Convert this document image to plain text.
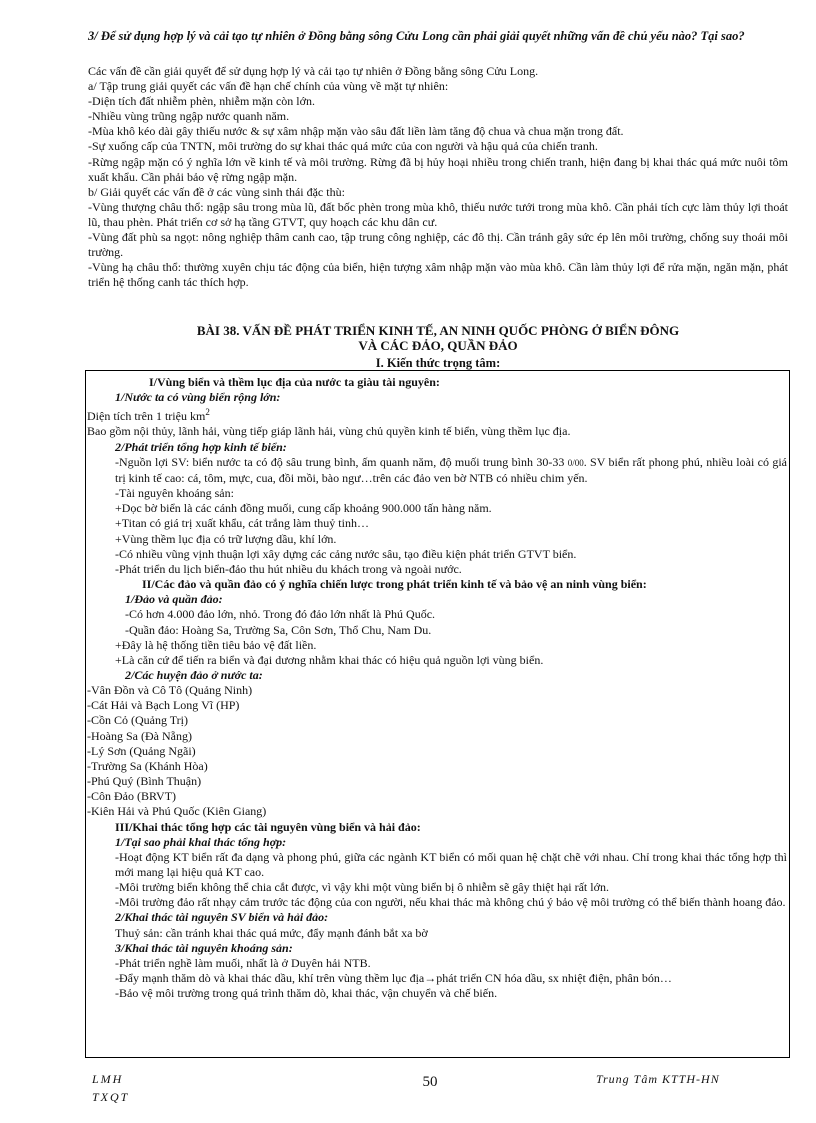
3/ Để sử dụng hợp lý và cải tạo tự nhiên ở Đồng bằng sông Cửu Long cần phải giải quyết những vấn đề chủ yếu nào? Tại sao?
Các vấn đề cần giải quyết để sử dụng hợp lý và cải tạo tự nhiên ở Đồng bằng sông Cửu Long.
a/ Tập trung giải quyết các vấn đề hạn chế chính của vùng về mặt tự nhiên:
-Diện tích đất nhiễm phèn, nhiễm mặn còn lớn.
-Nhiều vùng trũng ngập nước quanh năm.
-Mùa khô kéo dài gây thiếu nước & sự xâm nhập mặn vào sâu đất liền làm tăng độ chua và chua mặn trong đất.
-Sự xuống cấp của TNTN, môi trường do sự khai thác quá mức của con người và hậu quả của chiến tranh.
-Rừng ngập mặn có ý nghĩa lớn về kinh tế và môi trường. Rừng đã bị hủy hoại nhiều trong chiến tranh, hiện đang bị khai thác quá mức nuôi tôm xuất khẩu. Cần phải bảo vệ rừng ngập mặn.
b/ Giải quyết các vấn đề ở các vùng sinh thái đặc thù:
-Vùng thượng châu thổ: ngập sâu trong mùa lũ, đất bốc phèn trong mùa khô, thiếu nước tưới trong mùa khô. Cần phải tích cực làm thủy lợi thoát lũ, thau phèn. Phát triển cơ sở hạ tầng GTVT, quy hoạch các khu dân cư.
-Vùng đất phù sa ngọt: nông nghiệp thâm canh cao, tập trung công nghiệp, các đô thị. Cần tránh gây sức ép lên môi trường, chống suy thoái môi trường.
-Vùng hạ châu thổ: thường xuyên chịu tác động của biển, hiện tượng xâm nhập mặn vào mùa khô. Cần làm thủy lợi để rửa mặn, ngăn mặn, phát triển hệ thống canh tác thích hợp.
BÀI 38. VẤN ĐỀ PHÁT TRIỂN KINH TẾ, AN NINH QUỐC PHÒNG Ở BIỂN ĐÔNG
VÀ CÁC ĐẢO, QUẦN ĐẢO
I. Kiến thức trọng tâm:
I/Vùng biển và thềm lục địa của nước ta giàu tài nguyên:
1/Nước ta có vùng biển rộng lớn:
Diện tích trên 1 triệu $km^2$
Bao gồm nội thủy, lãnh hải, vùng tiếp giáp lãnh hải, vùng chủ quyền kinh tế biển, vùng thềm lục địa.
2/Phát triển tổng hợp kinh tế biển:
-Nguồn lợi SV: biển nước ta có độ sâu trung bình, ấm quanh năm, độ muối trung bình 30-33 0/00. SV biển rất phong phú, nhiều loài có giá trị kinh tế cao: cá, tôm, mực, cua, đồi mồi, bào ngư…trên các đảo ven bờ NTB có nhiều chim yến.
-Tài nguyên khoáng sản:
+Dọc bờ biển là các cánh đồng muối, cung cấp khoảng 900.000 tấn hàng năm.
+Titan có giá trị xuất khẩu, cát trắng làm thuỷ tinh…
+Vùng thềm lục địa có trữ lượng dầu, khí lớn.
-Có nhiều vũng vịnh thuận lợi xây dựng các cảng nước sâu, tạo điều kiện phát triển GTVT biển.
-Phát triển du lịch biển-đảo thu hút nhiều du khách trong và ngoài nước.
II/Các đảo và quần đảo có ý nghĩa chiến lược trong phát triển kinh tế và bảo vệ an ninh vùng biển:
1/Đảo và quần đảo:
-Có hơn 4.000 đảo lớn, nhỏ. Trong đó đảo lớn nhất là Phú Quốc.
-Quần đảo: Hoàng Sa, Trường Sa, Côn Sơn, Thổ Chu, Nam Du.
+Đây là hệ thống tiền tiêu bảo vệ đất liền.
+Là căn cứ để tiến ra biển và đại dương nhằm khai thác có hiệu quả nguồn lợi vùng biển.
2/Các huyện đảo ở nước ta:
-Vân Đồn và Cô Tô (Quảng Ninh)
-Cát Hải và Bạch Long Vĩ (HP)
-Cồn Cỏ (Quảng Trị)
-Hoàng Sa (Đà Nẵng)
-Lý Sơn (Quảng Ngãi)
-Trường Sa (Khánh Hòa)
-Phú Quý (Bình Thuận)
-Côn Đảo (BRVT)
-Kiên Hải và Phú Quốc (Kiên Giang)
III/Khai thác tổng hợp các tài nguyên vùng biển và hải đảo:
1/Tại sao phải khai thác tổng hợp:
-Hoạt động KT biển rất đa dạng và phong phú, giữa các ngành KT biển có mối quan hệ chặt chẽ với nhau. Chỉ trong khai thác tổng hợp thì mới mang lại hiệu quả KT cao.
-Môi trường biển không thể chia cắt được, vì vậy khi một vùng biển bị ô nhiễm sẽ gây thiệt hại rất lớn.
-Môi trường đảo rất nhạy cảm trước tác động của con người, nếu khai thác mà không chú ý bảo vệ môi trường có thể biến thành hoang đảo.
2/Khai thác tài nguyên SV biển và hải đảo:
Thuỷ sản: cần tránh khai thác quá mức, đẩy mạnh đánh bắt xa bờ
3/Khai thác tài nguyên khoáng sản:
-Phát triển nghề làm muối, nhất là ở Duyên hải NTB.
-Đẩy mạnh thăm dò và khai thác dầu, khí trên vùng thềm lục địa→phát triển CN hóa dầu, sx nhiệt điện, phân bón…
-Bảo vệ môi trường trong quá trình thăm dò, khai thác, vận chuyển và chế biến.
LMH
TXQT
50	Trung Tâm KTTH-HN
